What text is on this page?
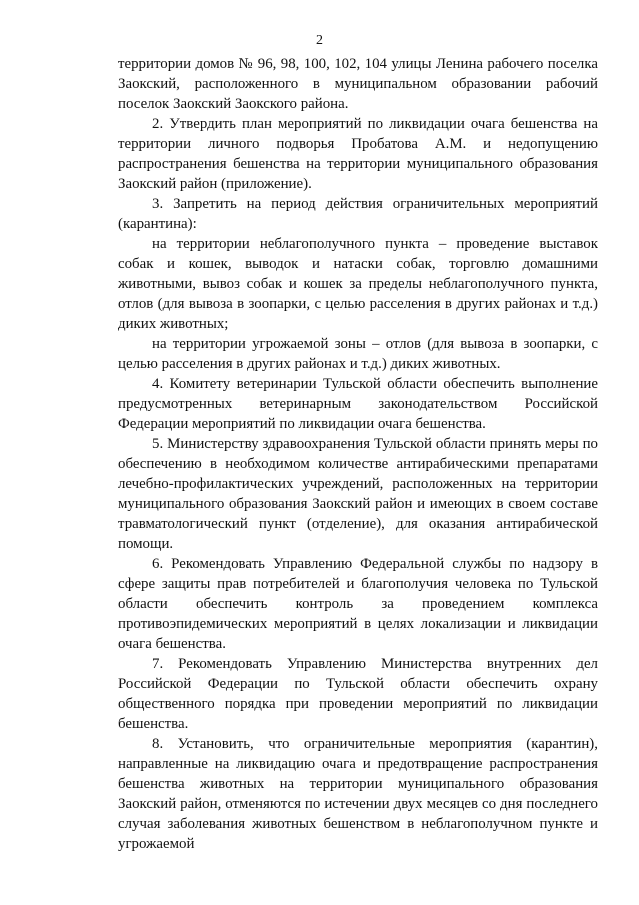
2

территории домов № 96, 98, 100, 102, 104 улицы Ленина рабочего поселка Заокский, расположенного в муниципальном образовании рабочий поселок Заокский Заокского района.

2. Утвердить план мероприятий по ликвидации очага бешенства на территории личного подворья Пробатова А.М. и недопущению распространения бешенства на территории муниципального образования Заокский район (приложение).

3. Запретить на период действия ограничительных мероприятий (карантина):

на территории неблагополучного пункта – проведение выставок собак и кошек, выводок и натаски собак, торговлю домашними животными, вывоз собак и кошек за пределы неблагополучного пункта, отлов (для вывоза в зоопарки, с целью расселения в других районах и т.д.) диких животных;

на территории угрожаемой зоны – отлов (для вывоза в зоопарки, с целью расселения в других районах и т.д.) диких животных.

4. Комитету ветеринарии Тульской области обеспечить выполнение предусмотренных ветеринарным законодательством Российской Федерации мероприятий по ликвидации очага бешенства.

5. Министерству здравоохранения Тульской области принять меры по обеспечению в необходимом количестве антирабическими препаратами лечебно-профилактических учреждений, расположенных на территории муниципального образования Заокский район и имеющих в своем составе травматологический пункт (отделение), для оказания антирабической помощи.

6. Рекомендовать Управлению Федеральной службы по надзору в сфере защиты прав потребителей и благополучия человека по Тульской области обеспечить контроль за проведением комплекса противоэпидемических мероприятий в целях локализации и ликвидации очага бешенства.

7. Рекомендовать Управлению Министерства внутренних дел Российской Федерации по Тульской области обеспечить охрану общественного порядка при проведении мероприятий по ликвидации бешенства.

8. Установить, что ограничительные мероприятия (карантин), направленные на ликвидацию очага и предотвращение распространения бешенства животных на территории муниципального образования Заокский район, отменяются по истечении двух месяцев со дня последнего случая заболевания животных бешенством в неблагополучном пункте и угрожаемой
